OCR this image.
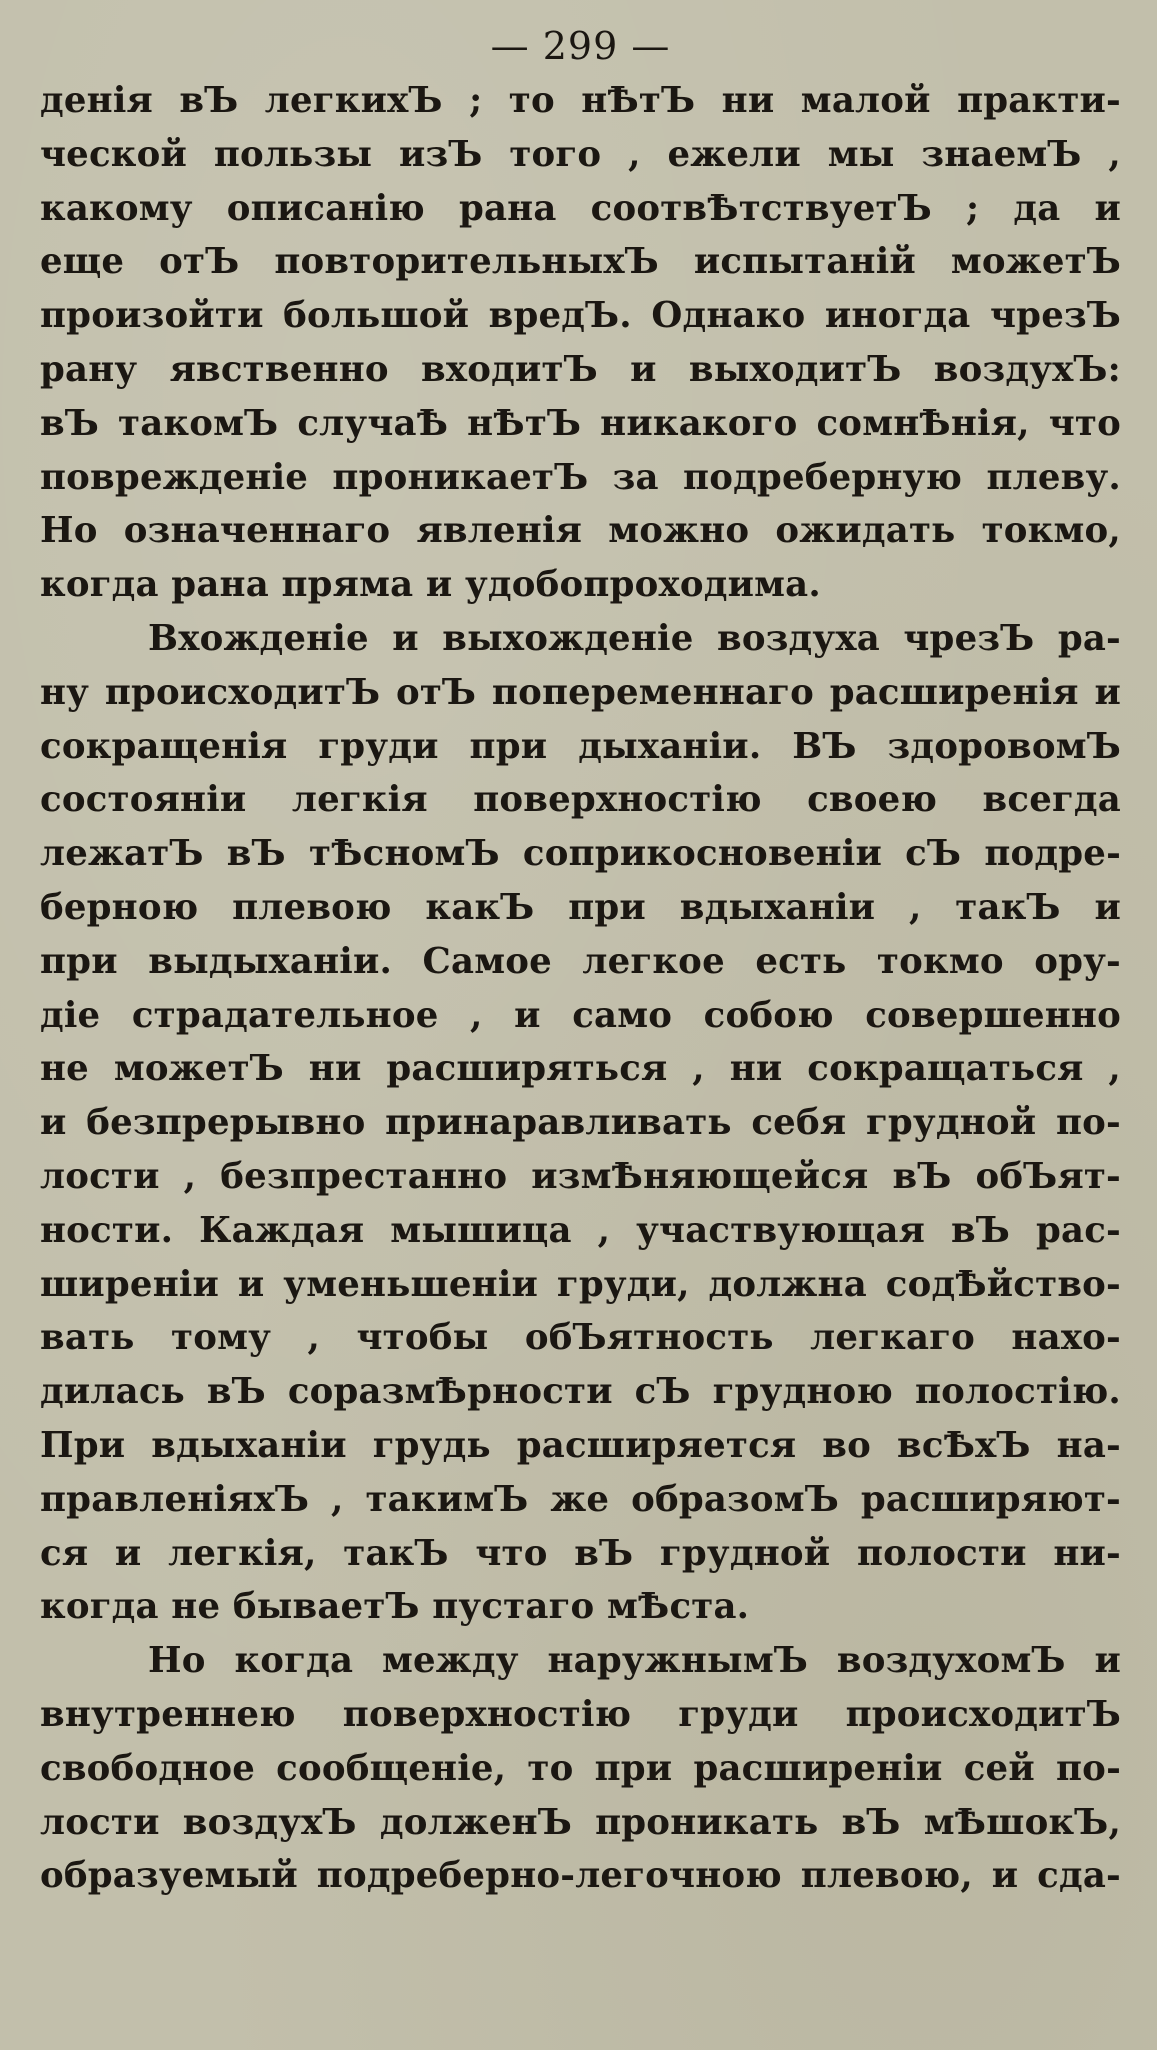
— 299 —
денія вЪ легкихЪ ; то нѢтЪ ни малой практи-
ческой пользы изЪ того , ежели мы знаемЪ ,
какому описанію рана соотвѢтствуетЪ ; да и
еще отЪ повторительныхЪ испытаній можетЪ
произойти большой вредЪ. Однако иногда чрезЪ
рану явственно входитЪ и выходитЪ воздухЪ:
вЪ такомЪ случаѢ нѢтЪ никакого сомнѢнія, что
поврежденіе проникаетЪ за подреберную плеву.
Но означеннаго явленія можно ожидать токмо,
когда рана пряма и удобопроходима.
Вхожденіе и выхожденіе воздуха чрезЪ ра-
ну происходитЪ отЪ попеременнаго расширенія и
сокращенія груди при дыханіи. ВЪ здоровомЪ
состояніи легкія поверхностію своею всегда
лежатЪ вЪ тѢсномЪ соприкосновеніи сЪ подре-
берною плевою какЪ при вдыханіи , такЪ и
при выдыханіи. Самое легкое есть токмо ору-
діе страдательное , и само собою совершенно
не можетЪ ни расширяться , ни сокращаться ,
и безпрерывно принаравливать себя грудной по-
лости , безпрестанно измѢняющейся вЪ обЪят-
ности. Каждая мышица , участвующая вЪ рас-
ширеніи и уменьшеніи груди, должна содѢйство-
вать тому , чтобы обЪятность легкаго нахо-
дилась вЪ соразмѢрности сЪ грудною полостію.
При вдыханіи грудь расширяется во всѢхЪ на-
правленіяхЪ , такимЪ же образомЪ расширяют-
ся и легкія, такЪ что вЪ грудной полости ни-
когда не бываетЪ пустаго мѢста.
Но когда между наружнымЪ воздухомЪ и
внутреннею поверхностію груди происходитЪ
свободное сообщеніе, то при расширеніи сей по-
лости воздухЪ долженЪ проникать вЪ мѢшокЪ,
образуемый подреберно-легочною плевою, и сда-
